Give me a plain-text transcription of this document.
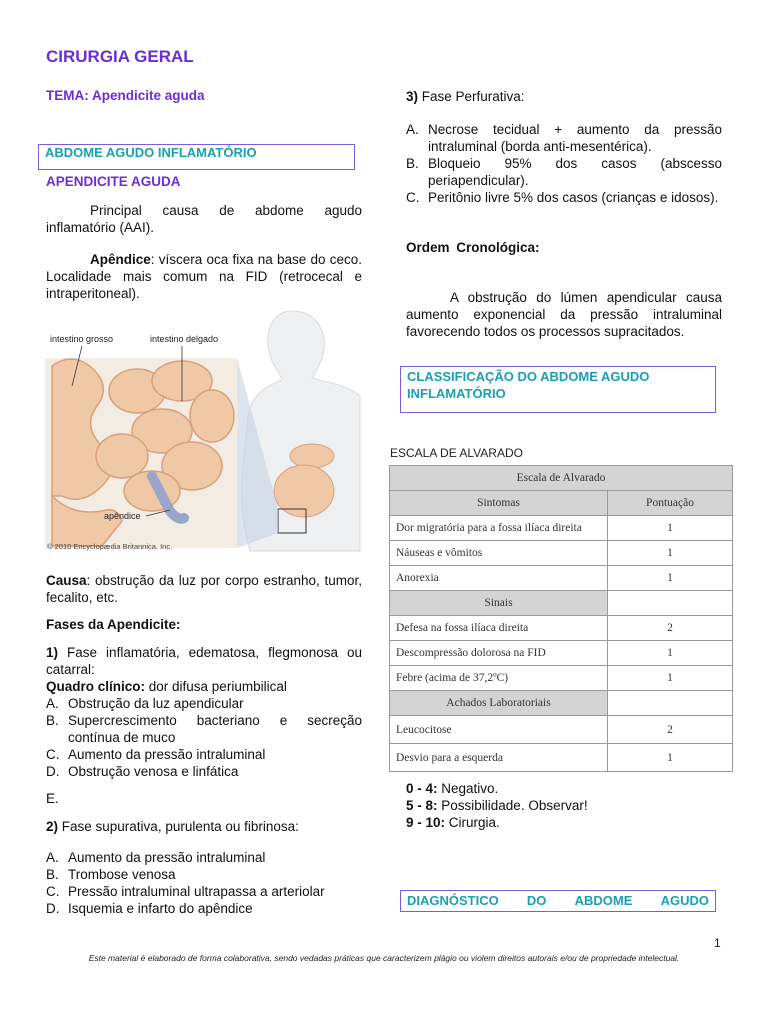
CIRURGIA GERAL
TEMA: Apendicite aguda
ABDOME AGUDO INFLAMATÓRIO
APENDICITE AGUDA
Principal causa de abdome agudo inflamatório (AAI).
Apêndice: víscera oca fixa na base do ceco. Localidade mais comum na FID (retrocecal e intraperitoneal).
intestino grosso	intestino delgado
apêndice
© 2010 Encyclopædia Britannica, Inc.
Causa: obstrução da luz por corpo estranho, tumor, fecalito, etc.
Fases da Apendicite:
1) Fase inflamatória, edematosa, flegmonosa ou catarral:
Quadro clínico: dor difusa periumbilical
A. Obstrução da luz apendicular
B. Supercrescimento bacteriano e secreção contínua de muco
C. Aumento da pressão intraluminal
D. Obstrução venosa e linfática
E.
2) Fase supurativa, purulenta ou fibrinosa:
A. Aumento da pressão intraluminal
B. Trombose venosa
C. Pressão intraluminal ultrapassa a arteriolar
D. Isquemia e infarto do apêndice
3) Fase Perfurativa:
A. Necrose tecidual + aumento da pressão intraluminal (borda anti-mesentérica).
B. Bloqueio 95% dos casos (abscesso periapendicular).
C. Peritônio livre 5% dos casos (crianças e idosos).
Ordem Cronológica:
A obstrução do lúmen apendicular causa aumento exponencial da pressão intraluminal favorecendo todos os processos supracitados.
CLASSIFICAÇÃO DO ABDOME AGUDO INFLAMATÓRIO
ESCALA DE ALVARADO
Escala de Alvarado	
Sintomas	Pontuação
Dor migratória para a fossa ilíaca direita	1
Náuseas e vômitos	1
Anorexia	1
Sinais	
Defesa na fossa ilíaca direita	2
Descompressão dolorosa na FID	1
Febre (acima de 37,2ºC)	1
Achados Laboratoriais	
Leucocitose	2
Desvio para a esquerda	1
0 - 4: Negativo.
5 - 8: Possibilidade. Observar!
9 - 10: Cirurgia.
DIAGNÓSTICO DO ABDOME AGUDO
1
Este material é elaborado de forma colaborativa, sendo vedadas práticas que caracterizem plágio ou violem direitos autorais e/ou de propriedade intelectual.
